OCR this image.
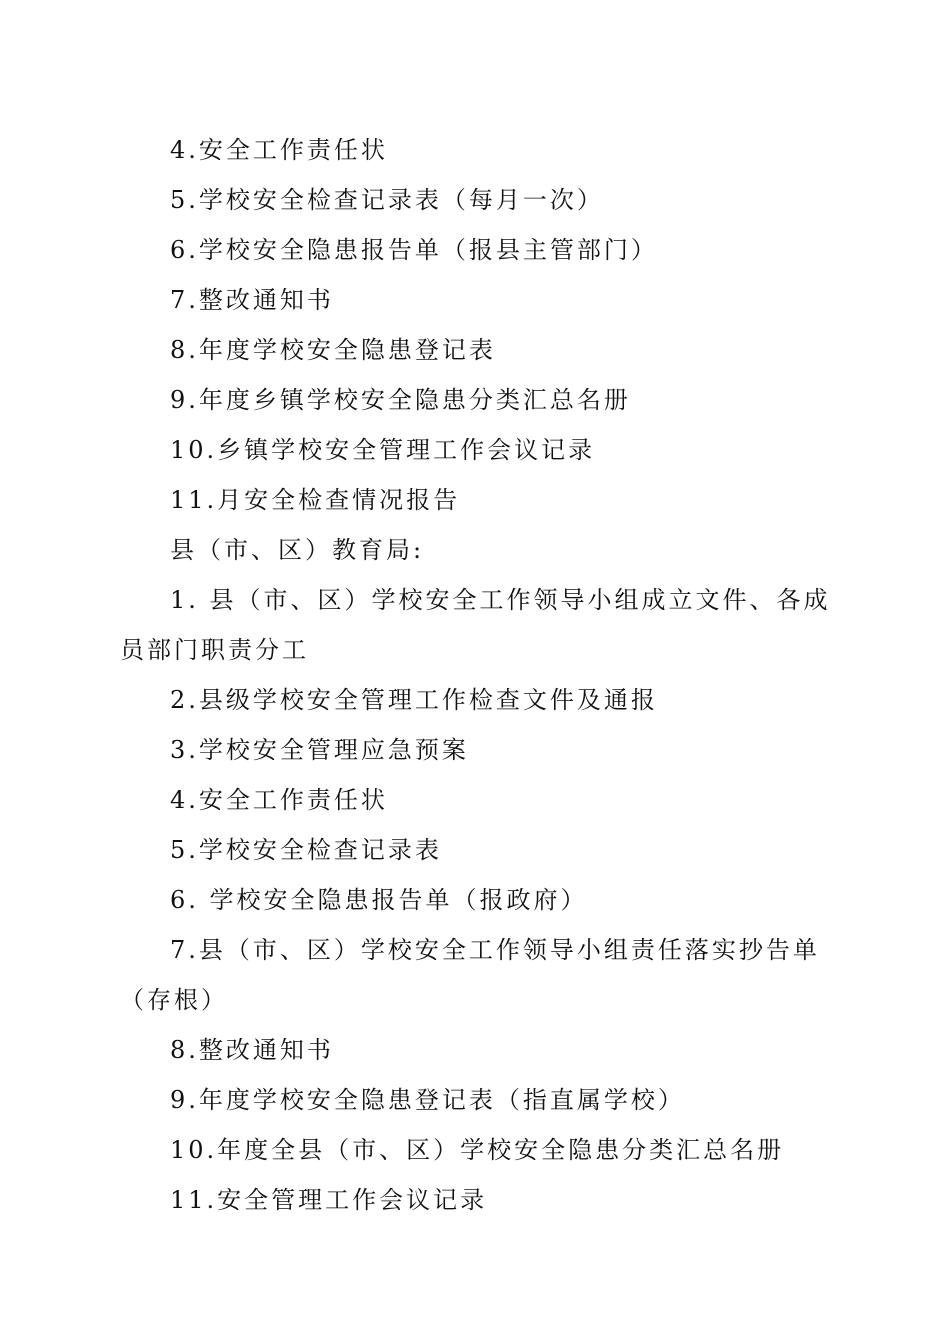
4.安全工作责任状

5.学校安全检查记录表（每月一次）

6.学校安全隐患报告单（报县主管部门）

7.整改通知书

8.年度学校安全隐患登记表

9.年度乡镇学校安全隐患分类汇总名册

10.乡镇学校安全管理工作会议记录

11.月安全检查情况报告

县（市、区）教育局:

1. 县（市、区）学校安全工作领导小组成立文件、各成员部门职责分工

2.县级学校安全管理工作检查文件及通报

3.学校安全管理应急预案

4.安全工作责任状

5.学校安全检查记录表

6. 学校安全隐患报告单（报政府）

7.县（市、区）学校安全工作领导小组责任落实抄告单（存根）

8.整改通知书

9.年度学校安全隐患登记表（指直属学校）

10.年度全县（市、区）学校安全隐患分类汇总名册

11.安全管理工作会议记录
